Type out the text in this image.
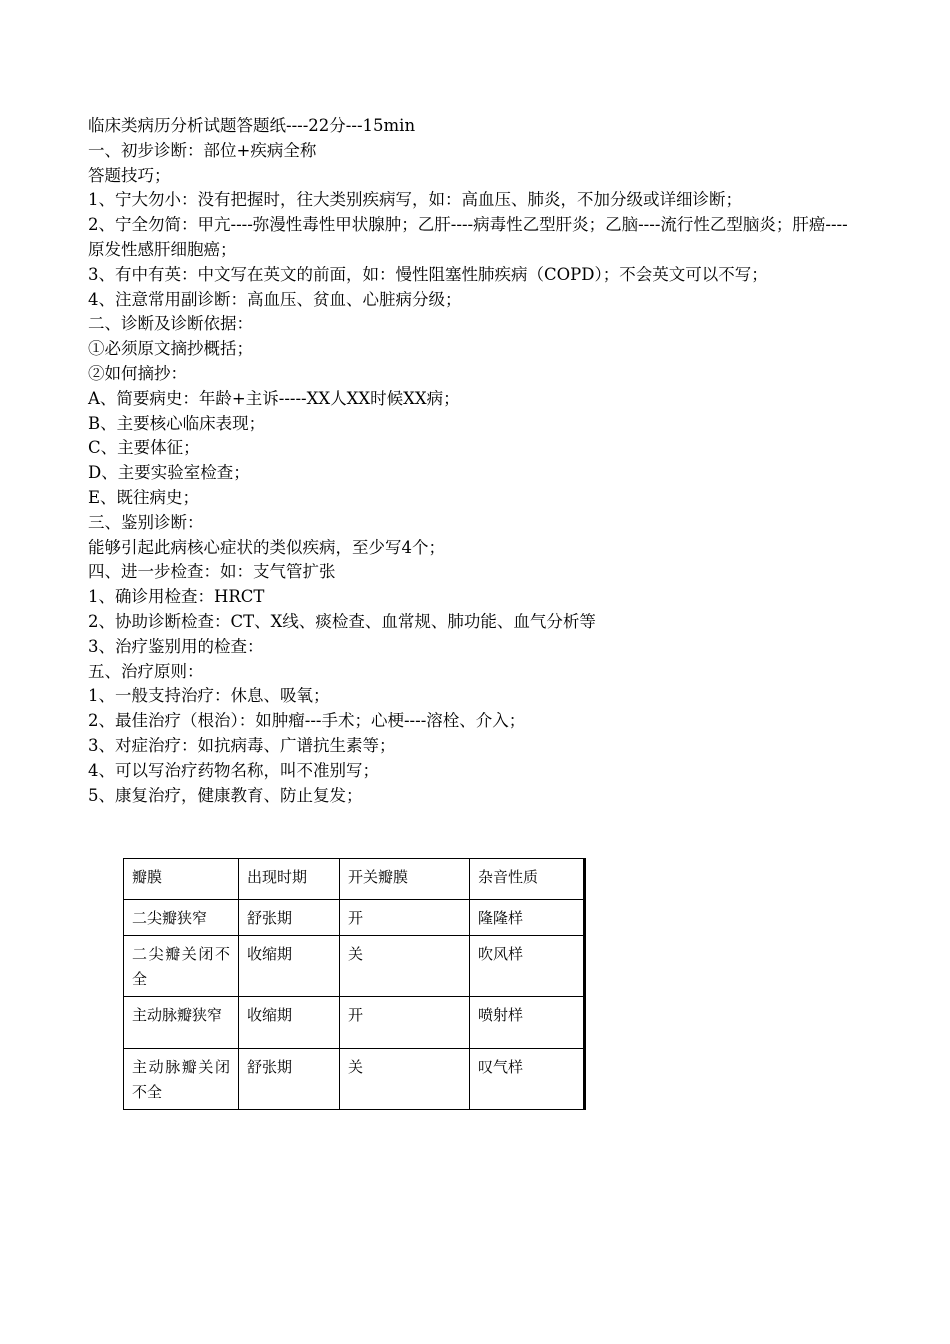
临床类病历分析试题答题纸----22分---15min

一、初步诊断：部位+疾病全称

答题技巧；

1、宁大勿小：没有把握时，往大类别疾病写，如：高血压、肺炎，不加分级或详细诊断；

2、宁全勿简：甲亢----弥漫性毒性甲状腺肿；乙肝----病毒性乙型肝炎；乙脑----流行性乙型脑炎；肝癌----原发性感肝细胞癌；

3、有中有英：中文写在英文的前面，如：慢性阻塞性肺疾病（COPD）；不会英文可以不写；

4、注意常用副诊断：高血压、贫血、心脏病分级；

二、诊断及诊断依据：

①必须原文摘抄概括；

②如何摘抄：

A、简要病史：年龄+主诉-----XX人XX时候XX病；

B、主要核心临床表现；

C、主要体征；

D、主要实验室检查；

E、既往病史；

三、鉴别诊断：

能够引起此病核心症状的类似疾病，至少写4个；

四、进一步检查：如：支气管扩张

1、确诊用检查：HRCT

2、协助诊断检查：CT、X线、痰检查、血常规、肺功能、血气分析等

3、治疗鉴别用的检查：

五、治疗原则：

1、一般支持治疗：休息、吸氧；

2、最佳治疗（根治）：如肿瘤---手术；心梗----溶栓、介入；

3、对症治疗：如抗病毒、广谱抗生素等；

4、可以写治疗药物名称，叫不准别写；

5、康复治疗，健康教育、防止复发；

瓣膜	出现时期	开关瓣膜	杂音性质
二尖瓣狭窄	舒张期	开	隆隆样
二尖瓣关闭不全	收缩期	关	吹风样
主动脉瓣狭窄	收缩期	开	喷射样
主动脉瓣关闭不全	舒张期	关	叹气样
